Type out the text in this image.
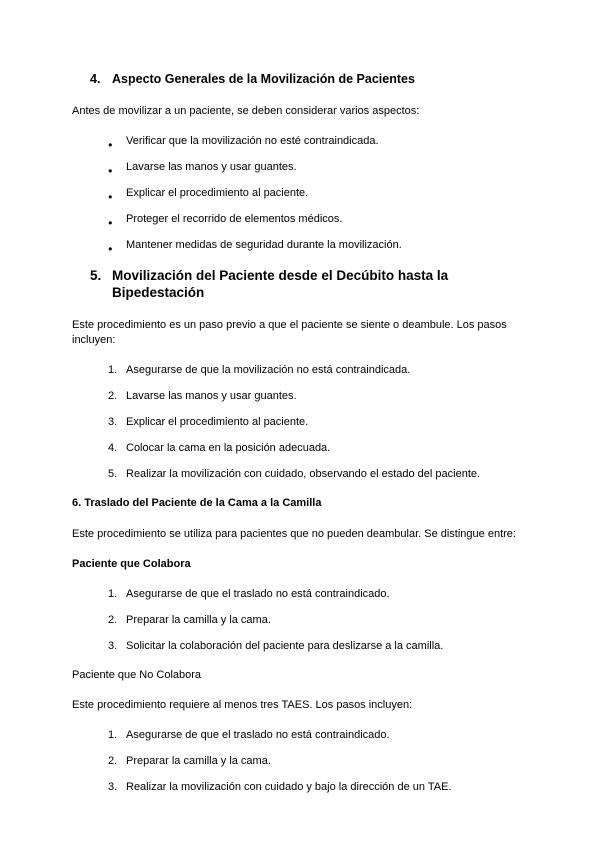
4. Aspecto Generales de la Movilización de Pacientes

Antes de movilizar a un paciente, se deben considerar varios aspectos:

● Verificar que la movilización no esté contraindicada.
● Lavarse las manos y usar guantes.
● Explicar el procedimiento al paciente.
● Proteger el recorrido de elementos médicos.
● Mantener medidas de seguridad durante la movilización.
5. Movilización del Paciente desde el Decúbito hasta la Bipedestación

Este procedimiento es un paso previo a que el paciente se siente o deambule. Los pasos incluyen:

Asegurarse de que la movilización no está contraindicada.
Lavarse las manos y usar guantes.
Explicar el procedimiento al paciente.
Colocar la cama en la posición adecuada.
Realizar la movilización con cuidado, observando el estado del paciente.
6. Traslado del Paciente de la Cama a la Camilla

Este procedimiento se utiliza para pacientes que no pueden deambular. Se distingue entre:

Paciente que Colabora
Asegurarse de que el traslado no está contraindicado.
Preparar la camilla y la cama.
Solicitar la colaboración del paciente para deslizarse a la camilla.
Paciente que No Colabora

Este procedimiento requiere al menos tres TAES. Los pasos incluyen:

Asegurarse de que el traslado no está contraindicado.
Preparar la camilla y la cama.
Realizar la movilización con cuidado y bajo la dirección de un TAE.
